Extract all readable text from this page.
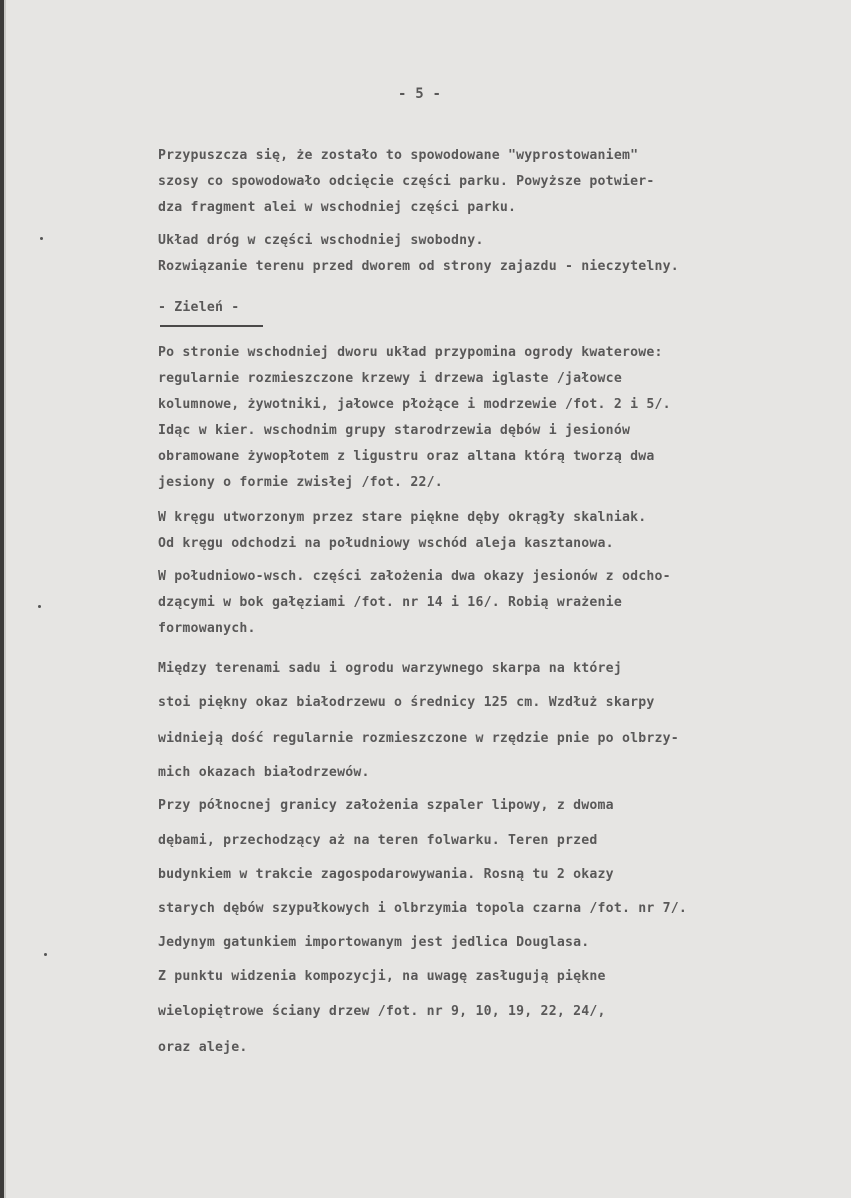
- 5 -
Przypuszcza się, że zostało to spowodowane "wyprostowaniem"
szosy co spowodowało odcięcie części parku. Powyższe potwier-
dza fragment alei w wschodniej części parku.
Układ dróg w części wschodniej swobodny.
Rozwiązanie terenu przed dworem od strony zajazdu - nieczytelny.
- Zieleń -
Po stronie wschodniej dworu układ przypomina ogrody kwaterowe:
regularnie rozmieszczone krzewy i drzewa iglaste /jałowce
kolumnowe, żywotniki, jałowce płożące i modrzewie /fot. 2 i 5/.
Idąc w kier. wschodnim grupy starodrzewia dębów i jesionów
obramowane żywopłotem z ligustru oraz altana którą tworzą dwa
jesiony o formie zwisłej /fot. 22/.
W kręgu utworzonym przez stare piękne dęby okrągły skalniak.
Od kręgu odchodzi na południowy wschód aleja kasztanowa.
W południowo-wsch. części założenia dwa okazy jesionów z odcho-
dzącymi w bok gałęziami /fot. nr 14 i 16/. Robią wrażenie
formowanych.
Między terenami sadu i ogrodu warzywnego skarpa na której
stoi piękny okaz białodrzewu o średnicy 125 cm. Wzdłuż skarpy
widnieją dość regularnie rozmieszczone w rzędzie pnie po olbrzy-
mich okazach białodrzewów.
Przy północnej granicy założenia szpaler lipowy, z dwoma
dębami, przechodzący aż na teren folwarku. Teren przed
budynkiem w trakcie zagospodarowywania. Rosną tu 2 okazy
starych dębów szypułkowych i olbrzymia topola czarna /fot. nr 7/.
Jedynym gatunkiem importowanym jest jedlica Douglasa.
Z punktu widzenia kompozycji, na uwagę zasługują piękne
wielopiętrowe ściany drzew /fot. nr 9, 10, 19, 22, 24/,
oraz aleje.
